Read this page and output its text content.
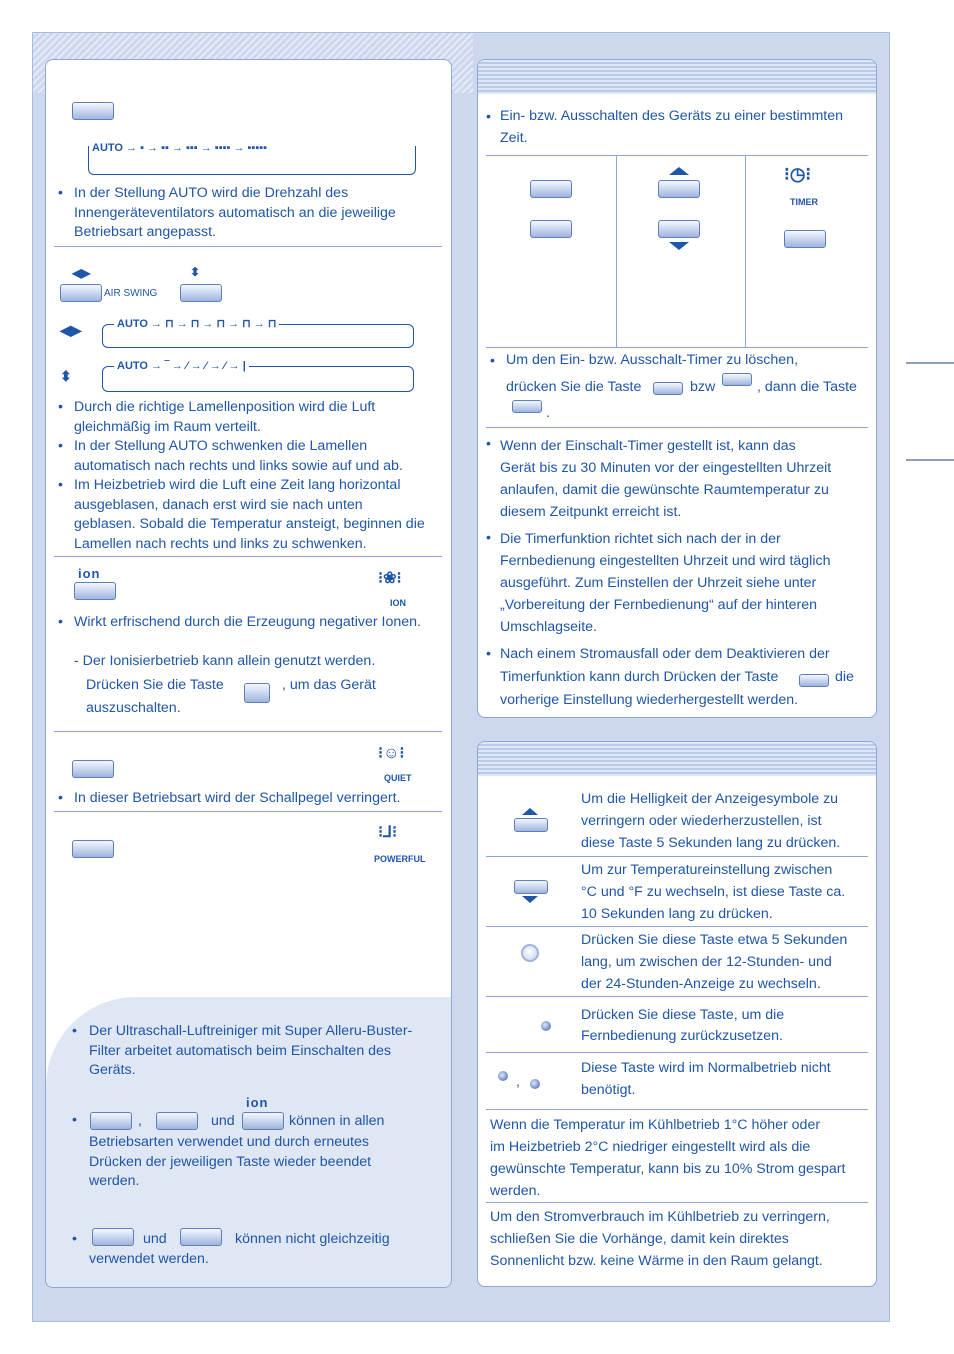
AUTO → ▪ → ▪▪ → ▪▪▪ → ▪▪▪▪ → ▪▪▪▪▪
• In der Stellung AUTO wird die Drehzahl des Innengeräteventilators automatisch an die jeweilige Betriebsart angepasst.
◀▶	⬍
AIR SWING
◀▶	AUTO → ⊓ → ⊓ → ⊓ → ⊓ → ⊓
⬍
AUTO → ‾ → ⁄ → ⁄ → ⁄ → |
• Durch die richtige Lamellenposition wird die Luft gleichmäßig im Raum verteilt.
• In der Stellung AUTO schwenken die Lamellen automatisch nach rechts und links sowie auf und ab.
• Im Heizbetrieb wird die Luft eine Zeit lang horizontal ausgeblasen, danach erst wird sie nach unten geblasen. Sobald die Temperatur ansteigt, beginnen die Lamellen nach rechts und links zu schwenken.
ion	⁝❀⁝
ION
• Wirkt erfrischend durch die Erzeugung negativer Ionen.
- Der Ionisierbetrieb kann allein genutzt werden.
Drücken Sie die Taste	, um das Gerät
auszuschalten.
⁝☺⁝
QUIET
• In dieser Betriebsart wird der Schallpegel verringert.
⁝⅃⁝
POWERFUL
• Der Ultraschall-Luftreiniger mit Super Alleru-Buster-Filter arbeitet automatisch beim Einschalten des Geräts.
ion
•	,	und	können in allen
Betriebsarten verwendet und durch erneutes Drücken der jeweiligen Taste wieder beendet werden.
•	und	können nicht gleichzeitig
verwendet werden.
• Ein- bzw. Ausschalten des Geräts zu einer bestimmten
Zeit.
⁝◷⁝
TIMER
• Um den Ein- bzw. Ausschalt-Timer zu löschen,
drücken Sie die Taste	bzw	, dann die Taste
.
• Wenn der Einschalt-Timer gestellt ist, kann das
Gerät bis zu 30 Minuten vor der eingestellten Uhrzeit
anlaufen, damit die gewünschte Raumtemperatur zu
diesem Zeitpunkt erreicht ist.
• Die Timerfunktion richtet sich nach der in der
Fernbedienung eingestellten Uhrzeit und wird täglich
ausgeführt. Zum Einstellen der Uhrzeit siehe unter
„Vorbereitung der Fernbedienung“ auf der hinteren
Umschlagseite.
• Nach einem Stromausfall oder dem Deaktivieren der
Timerfunktion kann durch Drücken der Taste	die
vorherige Einstellung wiederhergestellt werden.
Um die Helligkeit der Anzeigesymbole zu
verringern oder wiederherzustellen, ist
diese Taste 5 Sekunden lang zu drücken.
Um zur Temperatureinstellung zwischen
°C und °F zu wechseln, ist diese Taste ca.
10 Sekunden lang zu drücken.
Drücken Sie diese Taste etwa 5 Sekunden
lang, um zwischen der 12-Stunden- und
der 24-Stunden-Anzeige zu wechseln.
Drücken Sie diese Taste, um die
Fernbedienung zurückzusetzen.
,
Diese Taste wird im Normalbetrieb nicht
benötigt.
Wenn die Temperatur im Kühlbetrieb 1°C höher oder
im Heizbetrieb 2°C niedriger eingestellt wird als die
gewünschte Temperatur, kann bis zu 10% Strom gespart
werden.
Um den Stromverbrauch im Kühlbetrieb zu verringern,
schließen Sie die Vorhänge, damit kein direktes
Sonnenlicht bzw. keine Wärme in den Raum gelangt.
